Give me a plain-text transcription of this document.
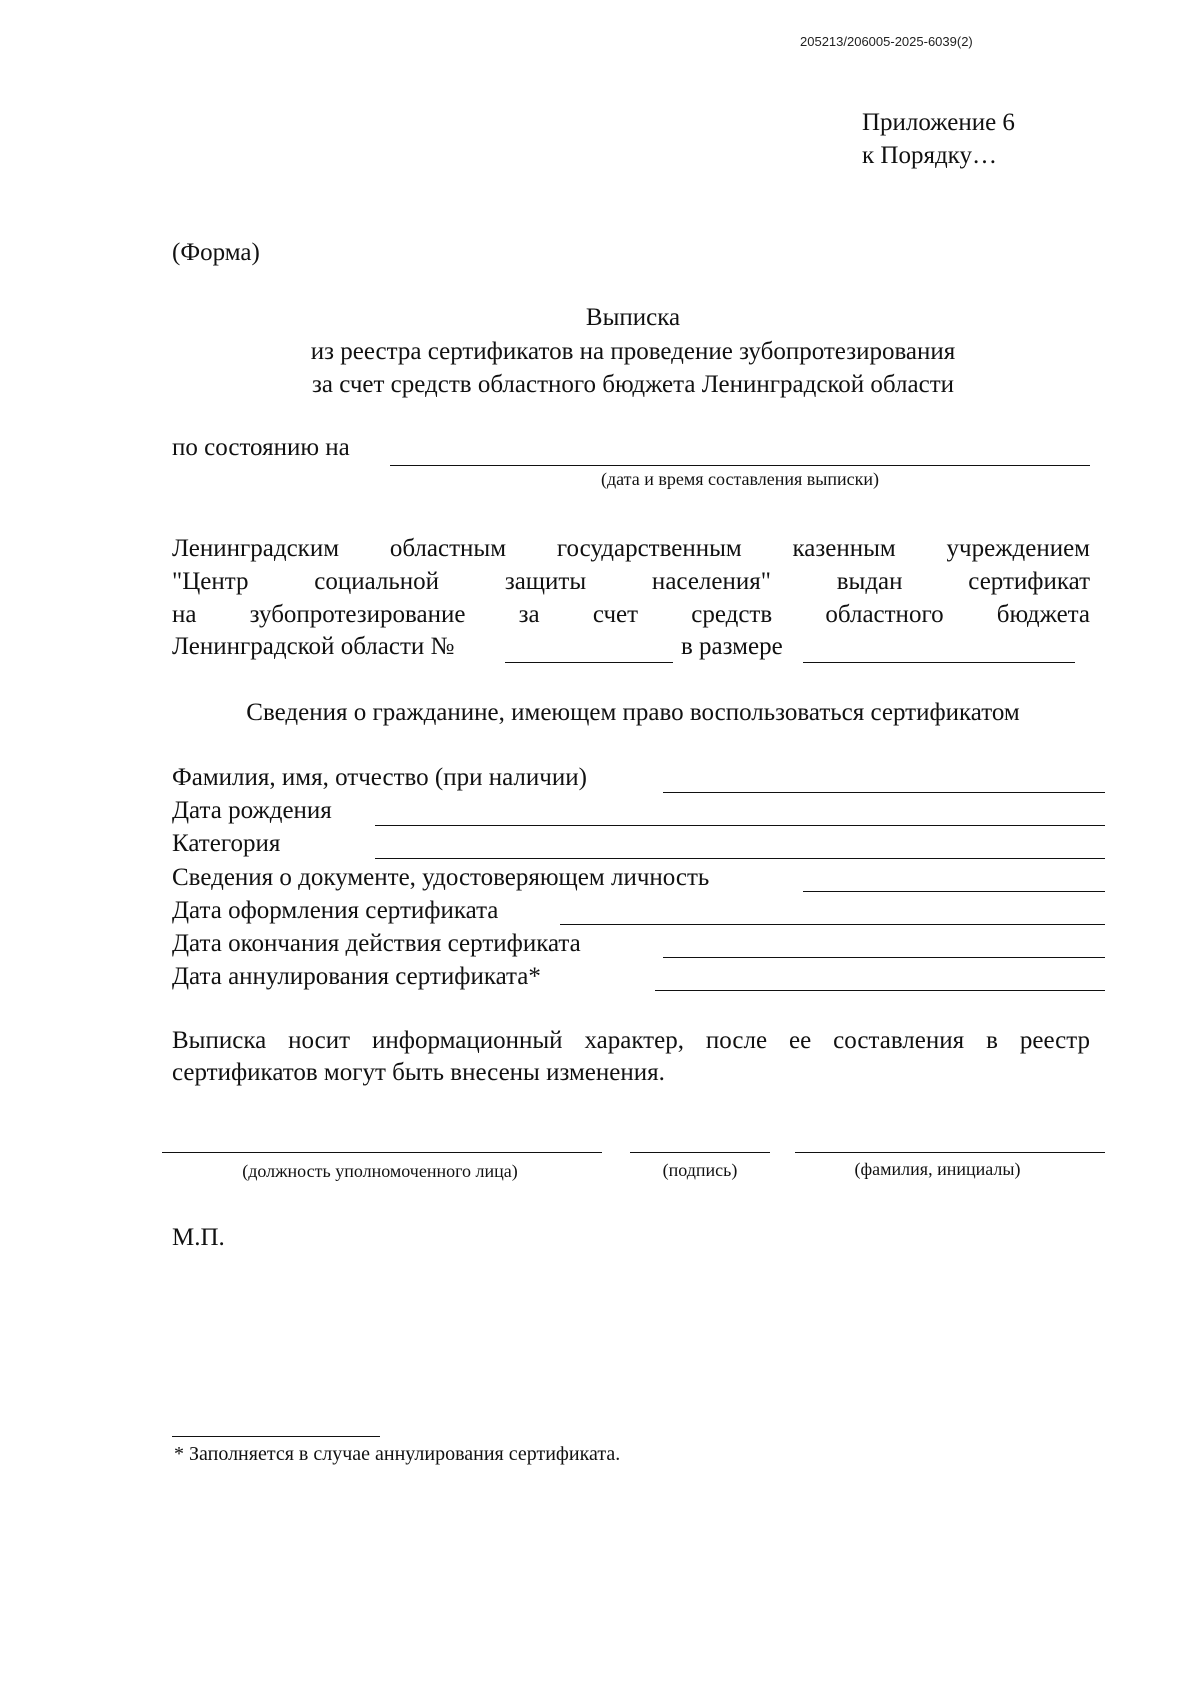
205213/206005-2025-6039(2)
Приложение 6
к Порядку…
(Форма)
Выписка
из реестра сертификатов на проведение зубопротезирования
за счет средств областного бюджета Ленинградской области
по состоянию на
(дата и время составления выписки)
Ленинградским областным государственным казенным учреждением
"Центр социальной защиты населения" выдан сертификат
на зубопротезирование за счет средств областного бюджета
Ленинградской области №	в размере
Сведения о гражданине, имеющем право воспользоваться сертификатом
Фамилия, имя, отчество (при наличии)
Дата рождения
Категория
Сведения о документе, удостоверяющем личность
Дата оформления сертификата
Дата окончания действия сертификата
Дата аннулирования сертификата*
Выписка носит информационный характер, после ее составления в реестр
сертификатов могут быть внесены изменения.
(должность уполномоченного лица)	(подпись)	(фамилия, инициалы)
М.П.
* Заполняется в случае аннулирования сертификата.
